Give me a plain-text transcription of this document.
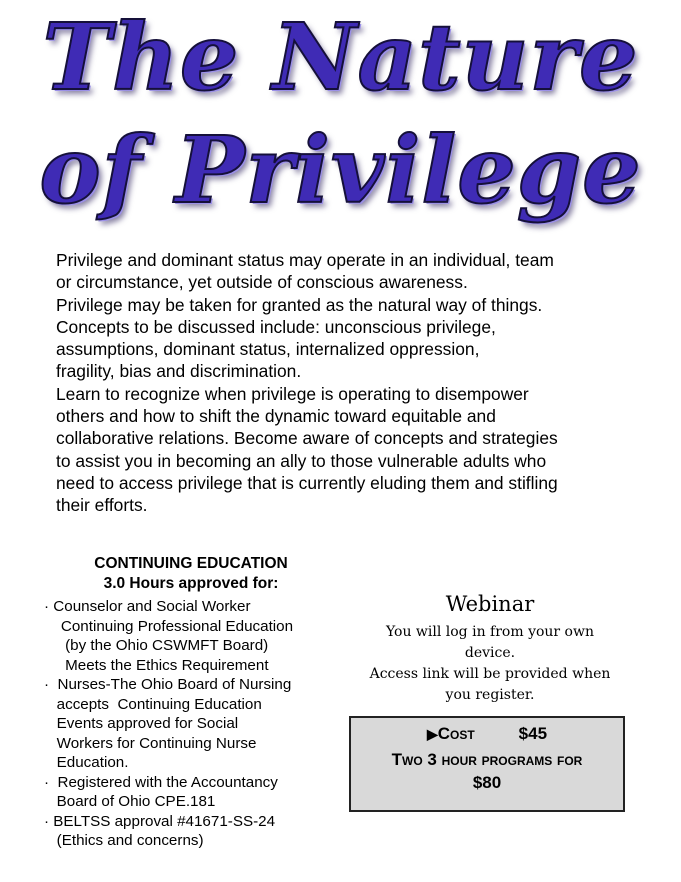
The Nature
of Privilege
Privilege and dominant status may operate in an individual, team
or circumstance, yet outside of conscious awareness.
Privilege may be taken for granted as the natural way of things.
Concepts to be discussed include: unconscious privilege,
assumptions, dominant status, internalized oppression,
fragility, bias and discrimination.
Learn to recognize when privilege is operating to disempower
others and how to shift the dynamic toward equitable and
collaborative relations. Become aware of concepts and strategies
to assist you in becoming an ally to those vulnerable adults who
need to access privilege that is currently eluding them and stifling
their efforts.
CONTINUING EDUCATION
3.0 Hours approved for:
· Counselor and Social Worker
Continuing Professional Education
(by the Ohio CSWMFT Board)
Meets the Ethics Requirement
·  Nurses-The Ohio Board of Nursing
accepts  Continuing Education
Events approved for Social
Workers for Continuing Nurse
Education.
·  Registered with the Accountancy
Board of Ohio CPE.181
· BELTSS approval #41671-SS-24
(Ethics and concerns)
Webinar
You will log in from your own
device.
Access link will be provided when
you register.
▶Cost	$45
Two 3 hour programs for
$80
